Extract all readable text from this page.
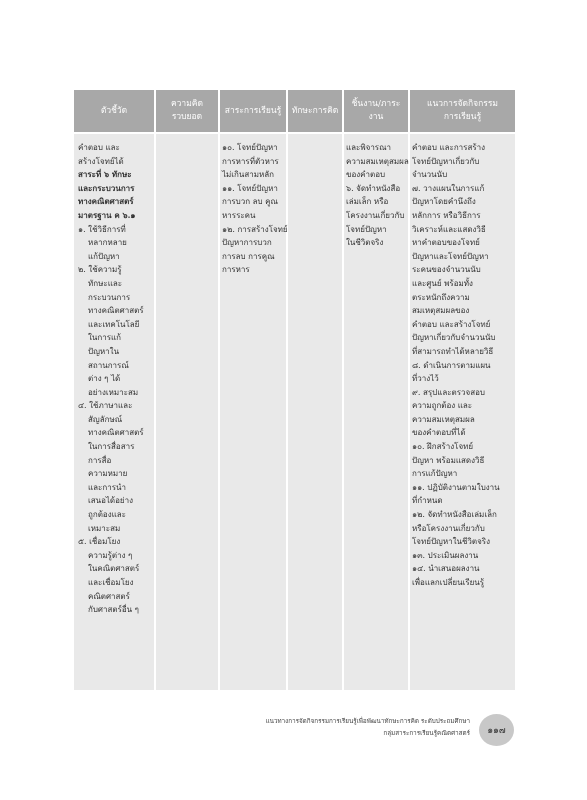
ตัวชี้วัด
ความคิดรวบยอด
สาระการเรียนรู้ ทักษะการคิด
ชิ้นงาน/ภาระงาน
แนวการจัดกิจกรรมการเรียนรู้
คำตอบ และ
สร้างโจทย์ได้
สาระที่ ๖ ทักษะ
และกระบวนการ
ทางคณิตศาสตร์
มาตรฐาน ค ๖.๑
๑. ใช้วิธีการที่
หลากหลาย
แก้ปัญหา
๒. ใช้ความรู้
ทักษะและ
กระบวนการ
ทางคณิตศาสตร์
และเทคโนโลยี
ในการแก้
ปัญหาใน
สถานการณ์
ต่าง ๆ ได้
อย่างเหมาะสม
๔. ใช้ภาษาและ
สัญลักษณ์
ทางคณิตศาสตร์
ในการสื่อสาร
การสื่อ
ความหมาย
และการนำ
เสนอได้อย่าง
ถูกต้องและ
เหมาะสม
๕. เชื่อมโยง
ความรู้ต่าง ๆ
ในคณิตศาสตร์
และเชื่อมโยง
คณิตศาสตร์
กับศาสตร์อื่น ๆ
๑๐. โจทย์ปัญหา
การหารที่ตัวหาร
ไม่เกินสามหลัก
๑๑. โจทย์ปัญหา
การบวก ลบ คูณ
หารระคน
๑๒. การสร้างโจทย์
ปัญหาการบวก
การลบ การคูณ
การหาร
และพิจารณา
ความสมเหตุสมผล
ของคำตอบ
๖. จัดทำหนังสือ
เล่มเล็ก หรือ
โครงงานเกี่ยวกับ
โจทย์ปัญหา
ในชีวิตจริง
คำตอบ และการสร้าง
โจทย์ปัญหาเกี่ยวกับ
จำนวนนับ
๗. วางแผนในการแก้
ปัญหาโดยคำนึงถึง
หลักการ หรือวิธีการ
วิเคราะห์และแสดงวิธี
หาคำตอบของโจทย์
ปัญหาและโจทย์ปัญหา
ระคนของจำนวนนับ
และศูนย์ พร้อมทั้ง
ตระหนักถึงความ
สมเหตุสมผลของ
คำตอบ และสร้างโจทย์
ปัญหาเกี่ยวกับจำนวนนับ
ที่สามารถทำได้หลายวิธี
๘. ดำเนินการตามแผน
ที่วางไว้
๙. สรุปและตรวจสอบ
ความถูกต้อง และ
ความสมเหตุสมผล
ของคำตอบที่ได้
๑๐. ฝึกสร้างโจทย์
ปัญหา พร้อมแสดงวิธี
การแก้ปัญหา
๑๑. ปฏิบัติงานตามใบงาน
ที่กำหนด
๑๒. จัดทำหนังสือเล่มเล็ก
หรือโครงงานเกี่ยวกับ
โจทย์ปัญหาในชีวิตจริง
๑๓. ประเมินผลงาน
๑๔. นำเสนอผลงาน
เพื่อแลกเปลี่ยนเรียนรู้
แนวทางการจัดกิจกรรมการเรียนรู้เพื่อพัฒนาทักษะการคิด ระดับประถมศึกษา
กลุ่มสาระการเรียนรู้คณิตศาสตร์ ๑๑๗
